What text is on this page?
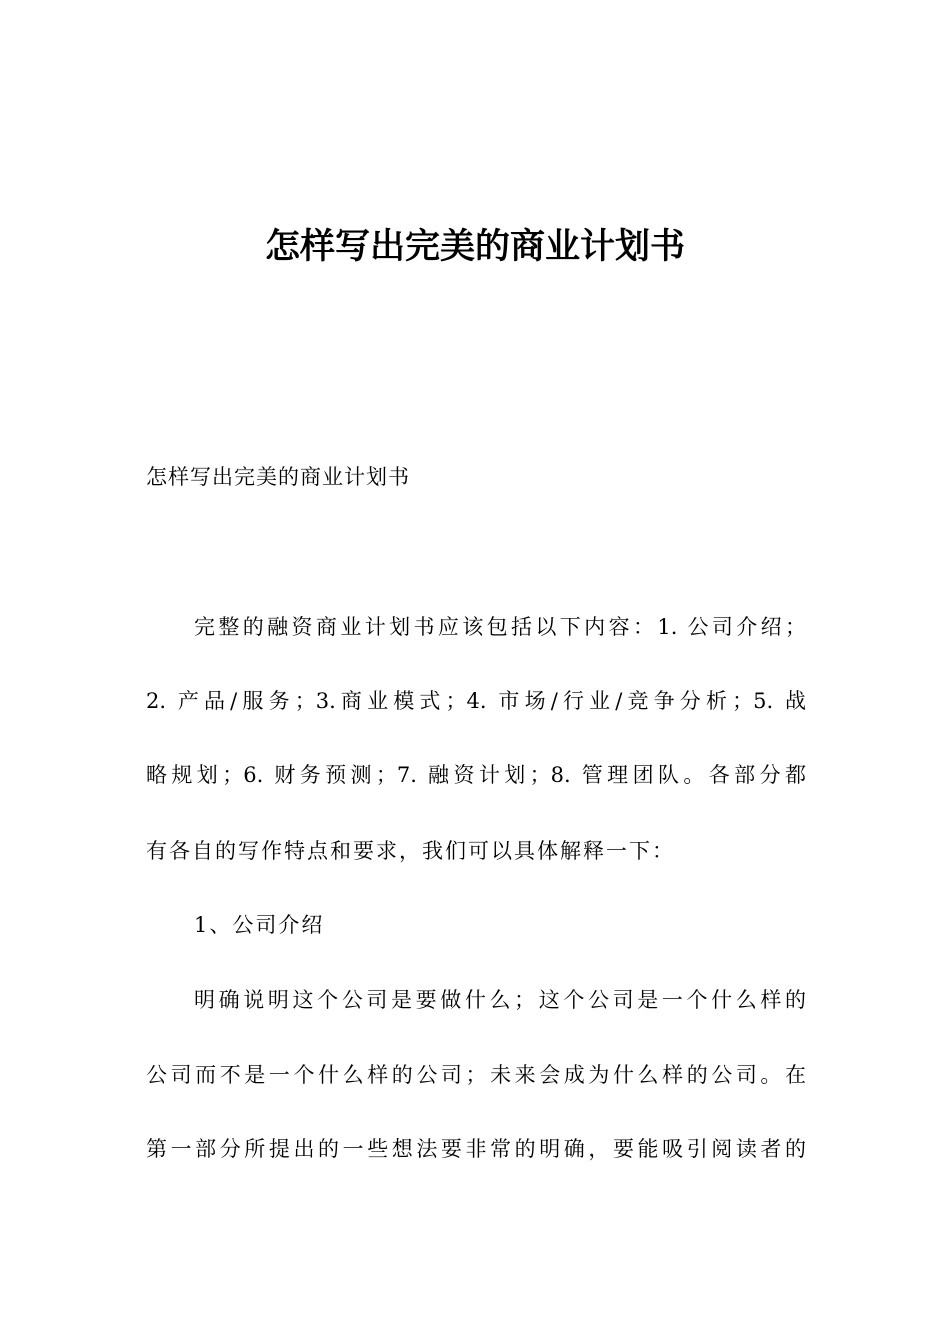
怎样写出完美的商业计划书

怎样写出完美的商业计划书

完整的融资商业计划书应该包括以下内容：1. 公司介绍；

2. 产品/服务；3.商业模式；4. 市场/行业/竞争分析；5. 战

略规划；6. 财务预测；7. 融资计划；8. 管理团队。各部分都

有各自的写作特点和要求，我们可以具体解释一下：

1、公司介绍

明确说明这个公司是要做什么；这个公司是一个什么样的

公司而不是一个什么样的公司；未来会成为什么样的公司。在

第一部分所提出的一些想法要非常的明确，要能吸引阅读者的
